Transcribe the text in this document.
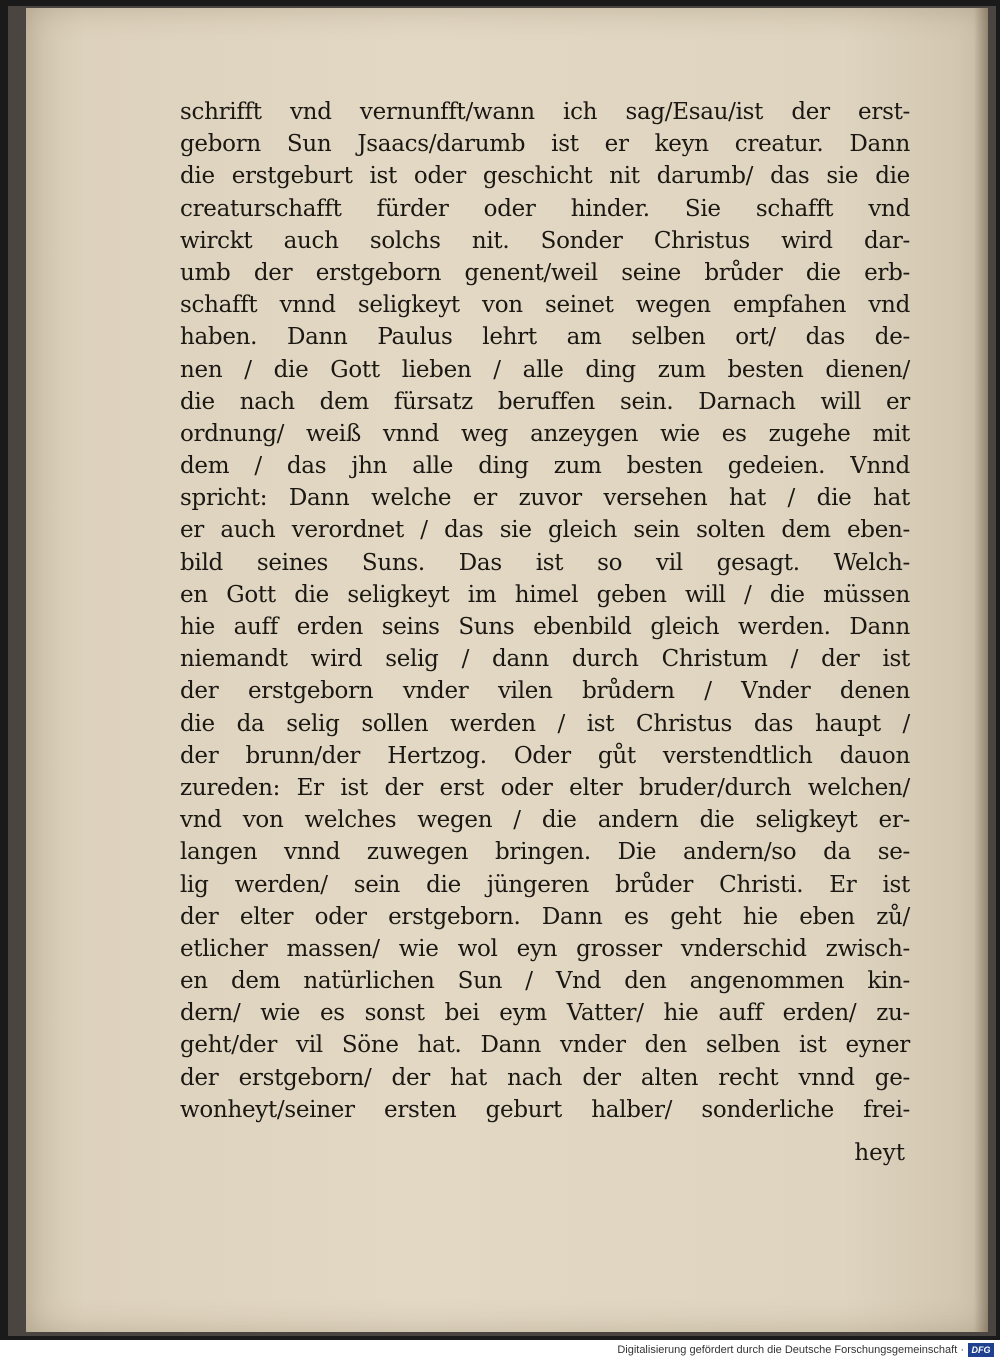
schrifft vnd vernunfft/wann ich sag/Esau/ist der erst-
geborn Sun Jsaacs/darumb ist er keyn creatur. Dann
die erstgeburt ist oder geschicht nit darumb/ das sie die
creaturschafft fürder oder hinder. Sie schafft vnd
wirckt auch solchs nit. Sonder Christus wird dar-
umb der erstgeborn genent/weil seine brůder die erb-
schafft vnnd seligkeyt von seinet wegen empfahen vnd
haben. Dann Paulus lehrt am selben ort/ das de-
nen / die Gott lieben / alle ding zum besten dienen/
die nach dem fürsatz beruffen sein. Darnach will er
ordnung/ weiß vnnd weg anzeygen wie es zugehe mit
dem / das jhn alle ding zum besten gedeien. Vnnd
spricht: Dann welche er zuvor versehen hat / die hat
er auch verordnet / das sie gleich sein solten dem eben-
bild seines Suns. Das ist so vil gesagt. Welch-
en Gott die seligkeyt im himel geben will / die müssen
hie auff erden seins Suns ebenbild gleich werden. Dann
niemandt wird selig / dann durch Christum / der ist
der erstgeborn vnder vilen brůdern / Vnder denen
die da selig sollen werden / ist Christus das haupt /
der brunn/der Hertzog. Oder gůt verstendtlich dauon
zureden: Er ist der erst oder elter bruder/durch welchen/
vnd von welches wegen / die andern die seligkeyt er-
langen vnnd zuwegen bringen. Die andern/so da se-
lig werden/ sein die jüngeren brůder Christi. Er ist
der elter oder erstgeborn. Dann es geht hie eben zů/
etlicher massen/ wie wol eyn grosser vnderschid zwisch-
en dem natürlichen Sun / Vnd den angenommen kin-
dern/ wie es sonst bei eym Vatter/ hie auff erden/ zu-
geht/der vil Söne hat. Dann vnder den selben ist eyner
der erstgeborn/ der hat nach der alten recht vnnd ge-
wonheyt/seiner ersten geburt halber/ sonderliche frei-
heyt
Digitalisierung gefördert durch die Deutsche Forschungsgemeinschaft · DFG
